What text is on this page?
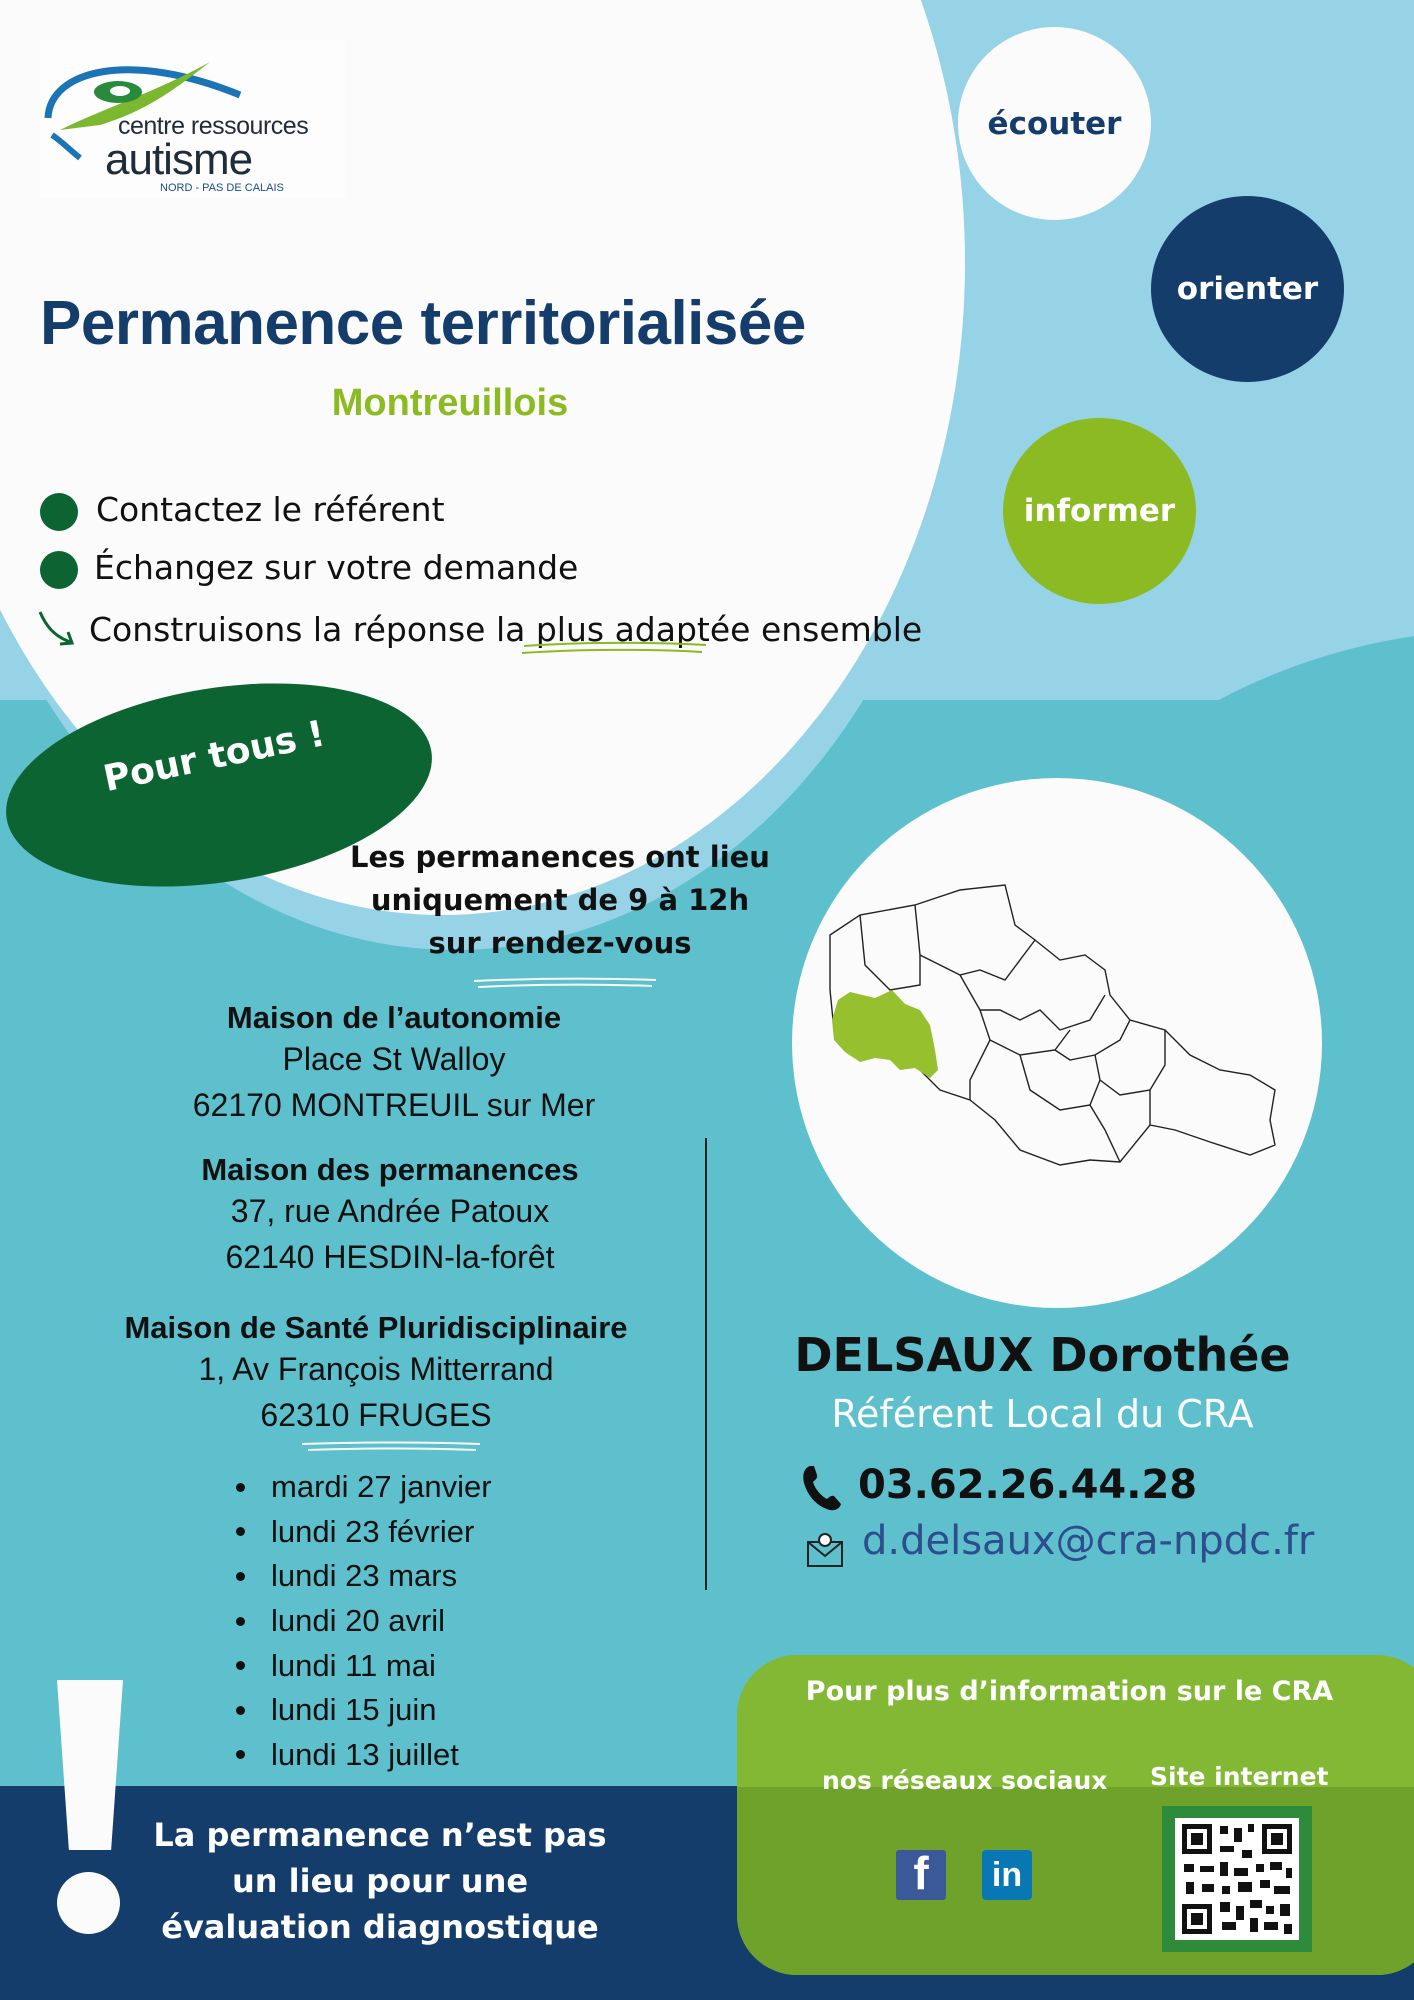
centre ressources
autisme
NORD - PAS DE CALAIS
Permanence territorialisée
Montreuillois
Contactez le référent
Échangez sur votre demande
Construisons la réponse la plus adaptée ensemble
écouter
orienter
informer
Pour tous !
Les permanences ont lieu
uniquement de 9 à 12h
sur rendez-vous
Maison de l’autonomie
Place St Walloy
62170 MONTREUIL sur Mer
Maison des permanences
37, rue Andrée Patoux
62140 HESDIN-la-forêt
Maison de Santé Pluridisciplinaire
1, Av François Mitterrand
62310 FRUGES
mardi 27 janvier
lundi 23 février
lundi 23 mars
lundi 20 avril
lundi 11 mai
lundi 15 juin
lundi 13 juillet
DELSAUX Dorothée
Référent Local du CRA
03.62.26.44.28
d.delsaux@cra-npdc.fr
La permanence n’est pas
un lieu pour une
évaluation diagnostique
Pour plus d’information sur le CRA
nos réseaux sociaux Site internet
f	in
